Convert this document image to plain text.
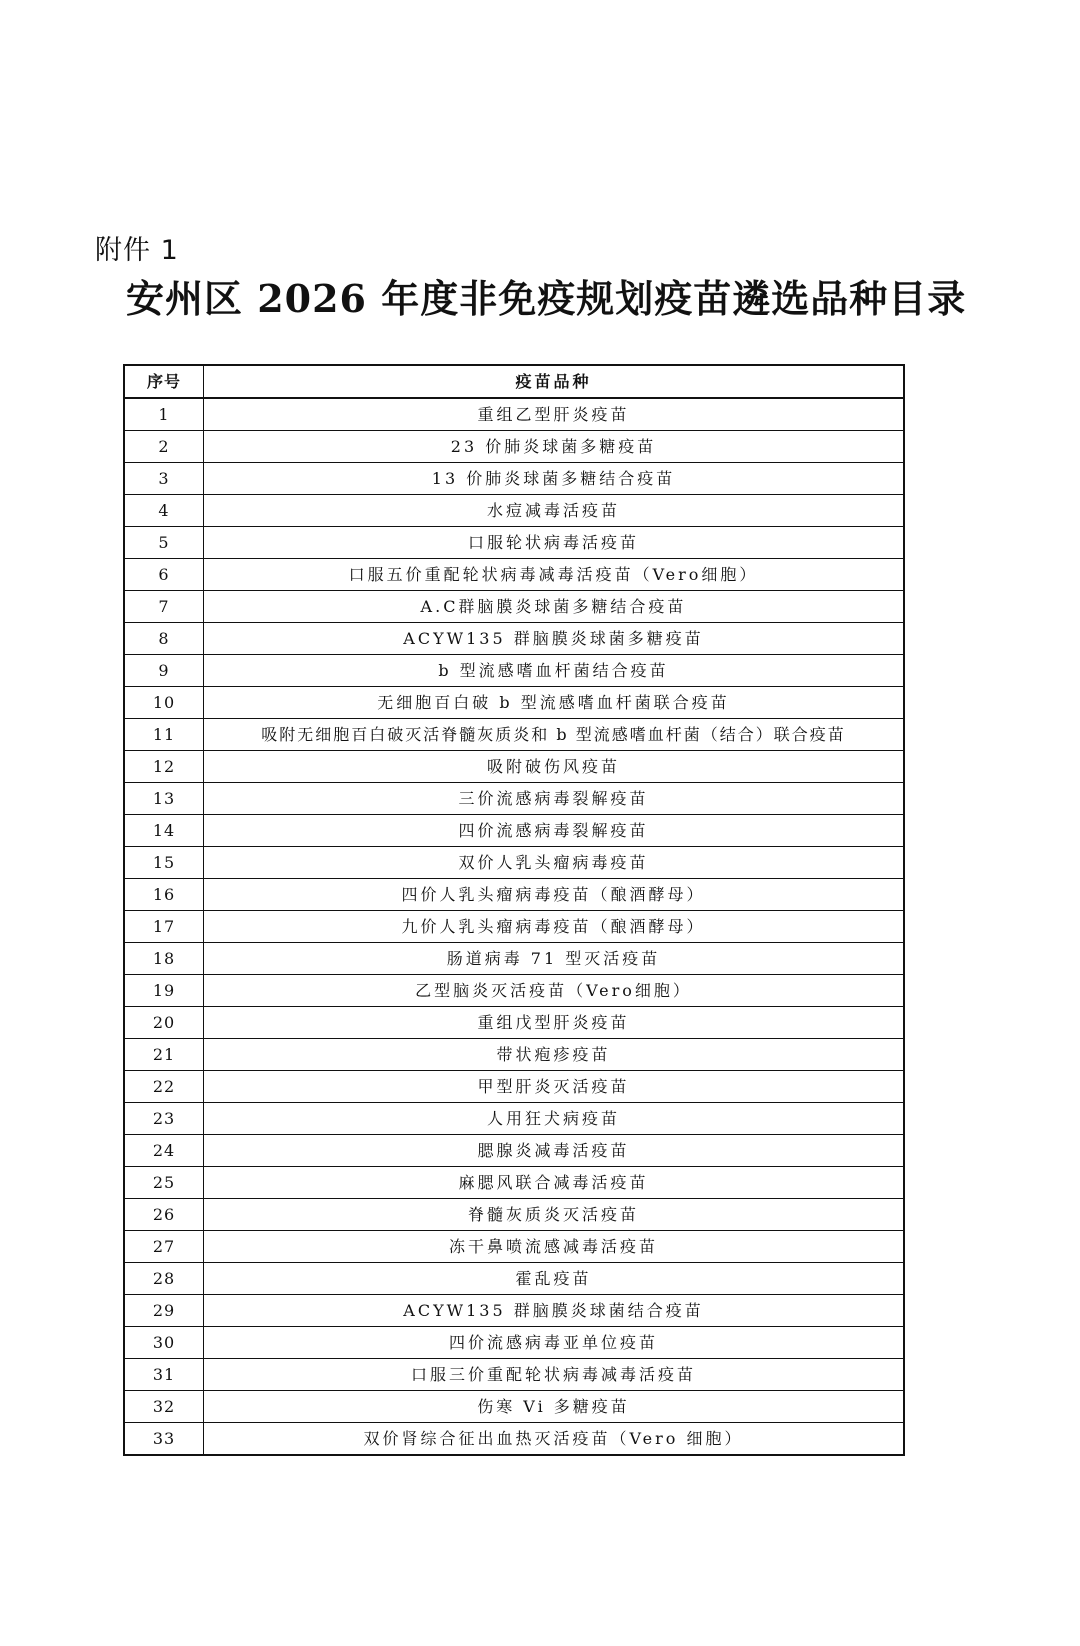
附件 1
安州区 2026 年度非免疫规划疫苗遴选品种目录
序号	疫苗品种
1	重组乙型肝炎疫苗
2	23 价肺炎球菌多糖疫苗
3	13 价肺炎球菌多糖结合疫苗
4	水痘减毒活疫苗
5	口服轮状病毒活疫苗
6	口服五价重配轮状病毒减毒活疫苗（Vero细胞）
7	A.C群脑膜炎球菌多糖结合疫苗
8	ACYW135 群脑膜炎球菌多糖疫苗
9	b 型流感嗜血杆菌结合疫苗
10	无细胞百白破 b 型流感嗜血杆菌联合疫苗
11	吸附无细胞百白破灭活脊髓灰质炎和 b 型流感嗜血杆菌（结合）联合疫苗
12	吸附破伤风疫苗
13	三价流感病毒裂解疫苗
14	四价流感病毒裂解疫苗
15	双价人乳头瘤病毒疫苗
16	四价人乳头瘤病毒疫苗（酿酒酵母）
17	九价人乳头瘤病毒疫苗（酿酒酵母）
18	肠道病毒 71 型灭活疫苗
19	乙型脑炎灭活疫苗（Vero细胞）
20	重组戊型肝炎疫苗
21	带状疱疹疫苗
22	甲型肝炎灭活疫苗
23	人用狂犬病疫苗
24	腮腺炎减毒活疫苗
25	麻腮风联合减毒活疫苗
26	脊髓灰质炎灭活疫苗
27	冻干鼻喷流感减毒活疫苗
28	霍乱疫苗
29	ACYW135 群脑膜炎球菌结合疫苗
30	四价流感病毒亚单位疫苗
31	口服三价重配轮状病毒减毒活疫苗
32	伤寒 Vi 多糖疫苗
33	双价肾综合征出血热灭活疫苗（Vero 细胞）
